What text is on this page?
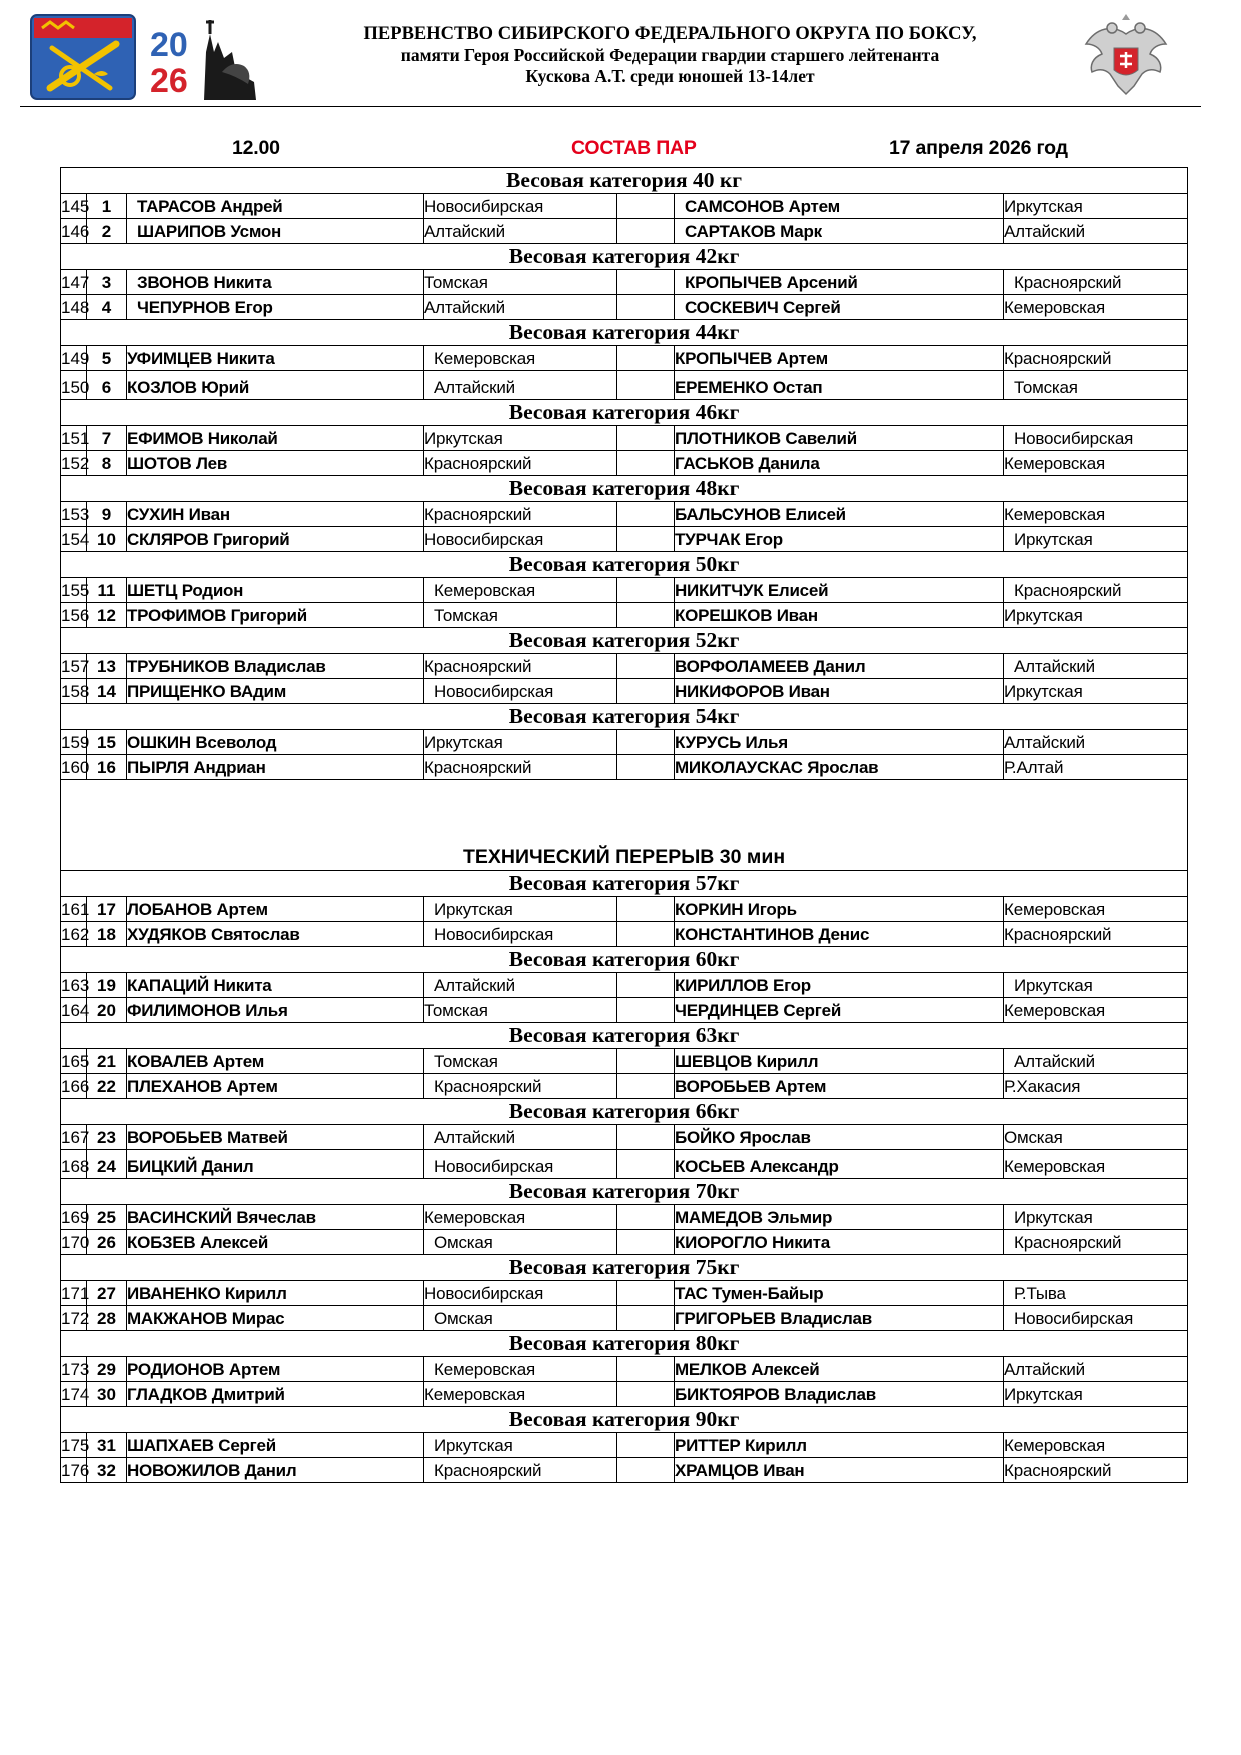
20
26
ПЕРВЕНСТВО СИБИРСКОГО ФЕДЕРАЛЬНОГО ОКРУГА ПО БОКСУ,
памяти Героя Российской Федерации гвардии старшего лейтенанта
Кускова А.Т. среди юношей 13-14лет
12.00	СОСТАВ ПАР	17 апреля 2026 год
Весовая категория 40 кг						
145	1	ТАРАСОВ Андрей	Новосибирская		САМСОНОВ Артем	Иркутская
146	2	ШАРИПОВ Усмон	Алтайский		САРТАКОВ Марк	Алтайский
Весовая категория 42кг						
147	3	ЗВОНОВ Никита	Томская		КРОПЫЧЕВ Арсений	Красноярский
148	4	ЧЕПУРНОВ Егор	Алтайский		СОСКЕВИЧ Сергей	Кемеровская
Весовая категория 44кг						
149	5	УФИМЦЕВ Никита	Кемеровская		КРОПЫЧЕВ Артем	Красноярский
150	6	КОЗЛОВ Юрий	Алтайский		ЕРЕМЕНКО Остап	Томская
Весовая категория 46кг						
151	7	ЕФИМОВ Николай	Иркутская		ПЛОТНИКОВ Савелий	Новосибирская
152	8	ШОТОВ Лев	Красноярский		ГАСЬКОВ Данила	Кемеровская
Весовая категория 48кг						
153	9	СУХИН Иван	Красноярский		БАЛЬСУНОВ Елисей	Кемеровская
154	10	СКЛЯРОВ Григорий	Новосибирская		ТУРЧАК Егор	Иркутская
Весовая категория 50кг						
155	11	ШЕТЦ Родион	Кемеровская		НИКИТЧУК Елисей	Красноярский
156	12	ТРОФИМОВ Григорий	Томская		КОРЕШКОВ Иван	Иркутская
Весовая категория 52кг						
157	13	ТРУБНИКОВ Владислав	Красноярский		ВОРФОЛАМЕЕВ Данил	Алтайский
158	14	ПРИЩЕНКО ВАдим	Новосибирская		НИКИФОРОВ Иван	Иркутская
Весовая категория 54кг						
159	15	ОШКИН Всеволод	Иркутская		КУРУСЬ Илья	Алтайский
160	16	ПЫРЛЯ Андриан	Красноярский		МИКОЛАУСКАС Ярослав	Р.Алтай
ТЕХНИЧЕСКИЙ ПЕРЕРЫВ 30 мин						
Весовая категория 57кг						
161	17	ЛОБАНОВ Артем	Иркутская		КОРКИН Игорь	Кемеровская
162	18	ХУДЯКОВ Святослав	Новосибирская		КОНСТАНТИНОВ Денис	Красноярский
Весовая категория 60кг						
163	19	КАПАЦИЙ Никита	Алтайский		КИРИЛЛОВ Егор	Иркутская
164	20	ФИЛИМОНОВ Илья	Томская		ЧЕРДИНЦЕВ Сергей	Кемеровская
Весовая категория 63кг						
165	21	КОВАЛЕВ Артем	Томская		ШЕВЦОВ Кирилл	Алтайский
166	22	ПЛЕХАНОВ Артем	Красноярский		ВОРОБЬЕВ Артем	Р.Хакасия
Весовая категория 66кг						
167	23	ВОРОБЬЕВ Матвей	Алтайский		БОЙКО Ярослав	Омская
168	24	БИЦКИЙ Данил	Новосибирская		КОСЬЕВ Александр	Кемеровская
Весовая категория 70кг						
169	25	ВАСИНСКИЙ Вячеслав	Кемеровская		МАМЕДОВ Эльмир	Иркутская
170	26	КОБЗЕВ Алексей	Омская		КИОРОГЛО Никита	Красноярский
Весовая категория 75кг						
171	27	ИВАНЕНКО Кирилл	Новосибирская		ТАС Тумен-Байыр	Р.Тыва
172	28	МАКЖАНОВ Мирас	Омская		ГРИГОРЬЕВ Владислав	Новосибирская
Весовая категория 80кг						
173	29	РОДИОНОВ Артем	Кемеровская		МЕЛКОВ Алексей	Алтайский
174	30	ГЛАДКОВ Дмитрий	Кемеровская		БИКТОЯРОВ Владислав	Иркутская
Весовая категория 90кг						
175	31	ШАПХАЕВ Сергей	Иркутская		РИТТЕР Кирилл	Кемеровская
176	32	НОВОЖИЛОВ Данил	Красноярский		ХРАМЦОВ Иван	Красноярский
